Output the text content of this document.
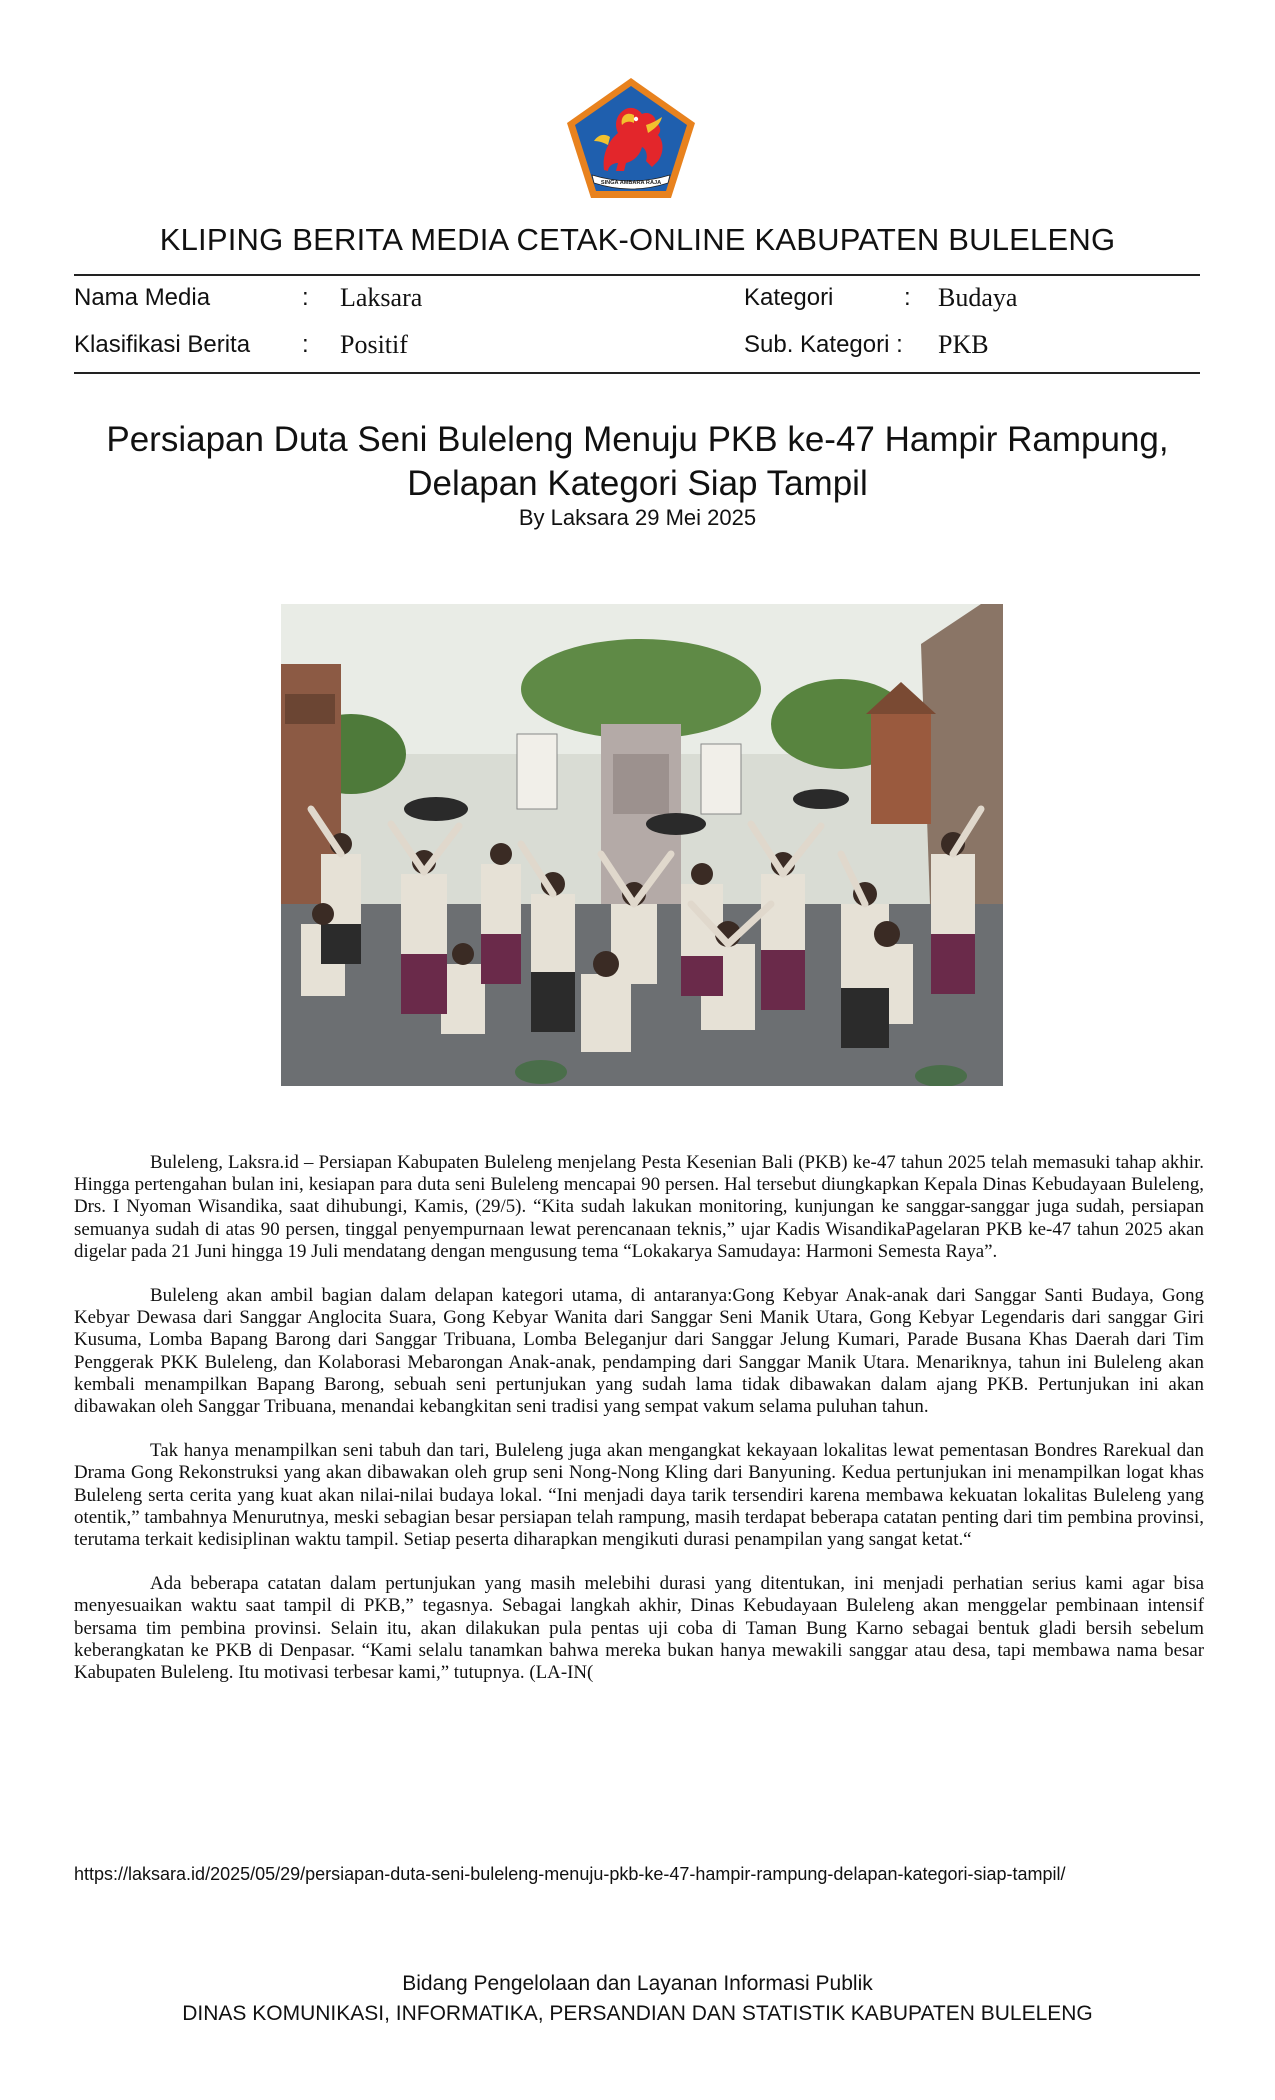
SINGA AMBARA RAJA
KLIPING BERITA MEDIA CETAK-ONLINE KABUPATEN BULELENG
Nama Media	: Laksara	Kategori	: Budaya
Klasifikasi Berita : Positif	Sub. Kategori : PKB
Persiapan Duta Seni Buleleng Menuju PKB ke-47 Hampir Rampung,
Delapan Kategori Siap Tampil
By Laksara 29 Mei 2025

Buleleng, Laksra.id – Persiapan Kabupaten Buleleng menjelang Pesta Kesenian Bali (PKB) ke-47 tahun 2025 telah memasuki tahap akhir. Hingga pertengahan bulan ini, kesiapan para duta seni Buleleng mencapai 90 persen. Hal tersebut diungkapkan Kepala Dinas Kebudayaan Buleleng, Drs. I Nyoman Wisandika, saat dihubungi, Kamis, (29/5). “Kita sudah lakukan monitoring, kunjungan ke sanggar-sanggar juga sudah, persiapan semuanya sudah di atas 90 persen, tinggal penyempurnaan lewat perencanaan teknis,” ujar Kadis WisandikaPagelaran PKB ke-47 tahun 2025 akan digelar pada 21 Juni hingga 19 Juli mendatang dengan mengusung tema “Lokakarya Samudaya: Harmoni Semesta Raya”.

Buleleng akan ambil bagian dalam delapan kategori utama, di antaranya:Gong Kebyar Anak-anak dari Sanggar Santi Budaya, Gong Kebyar Dewasa dari Sanggar Anglocita Suara, Gong Kebyar Wanita dari Sanggar Seni Manik Utara, Gong Kebyar Legendaris dari sanggar Giri Kusuma, Lomba Bapang Barong dari Sanggar Tribuana, Lomba Beleganjur dari Sanggar Jelung Kumari, Parade Busana Khas Daerah dari Tim Penggerak PKK Buleleng, dan Kolaborasi Mebarongan Anak-anak, pendamping dari Sanggar Manik Utara. Menariknya, tahun ini Buleleng akan kembali menampilkan Bapang Barong, sebuah seni pertunjukan yang sudah lama tidak dibawakan dalam ajang PKB. Pertunjukan ini akan dibawakan oleh Sanggar Tribuana, menandai kebangkitan seni tradisi yang sempat vakum selama puluhan tahun.

Tak hanya menampilkan seni tabuh dan tari, Buleleng juga akan mengangkat kekayaan lokalitas lewat pementasan Bondres Rarekual dan Drama Gong Rekonstruksi yang akan dibawakan oleh grup seni Nong-Nong Kling dari Banyuning. Kedua pertunjukan ini menampilkan logat khas Buleleng serta cerita yang kuat akan nilai-nilai budaya lokal. “Ini menjadi daya tarik tersendiri karena membawa kekuatan lokalitas Buleleng yang otentik,” tambahnya Menurutnya, meski sebagian besar persiapan telah rampung, masih terdapat beberapa catatan penting dari tim pembina provinsi, terutama terkait kedisiplinan waktu tampil. Setiap peserta diharapkan mengikuti durasi penampilan yang sangat ketat.“

Ada beberapa catatan dalam pertunjukan yang masih melebihi durasi yang ditentukan, ini menjadi perhatian serius kami agar bisa menyesuaikan waktu saat tampil di PKB,” tegasnya. Sebagai langkah akhir, Dinas Kebudayaan Buleleng akan menggelar pembinaan intensif bersama tim pembina provinsi. Selain itu, akan dilakukan pula pentas uji coba di Taman Bung Karno sebagai bentuk gladi bersih sebelum keberangkatan ke PKB di Denpasar. “Kami selalu tanamkan bahwa mereka bukan hanya mewakili sanggar atau desa, tapi membawa nama besar Kabupaten Buleleng. Itu motivasi terbesar kami,” tutupnya. (LA-IN(

https://laksara.id/2025/05/29/persiapan-duta-seni-buleleng-menuju-pkb-ke-47-hampir-rampung-delapan-kategori-siap-tampil/
Bidang Pengelolaan dan Layanan Informasi Publik
DINAS KOMUNIKASI, INFORMATIKA, PERSANDIAN DAN STATISTIK KABUPATEN BULELENG
